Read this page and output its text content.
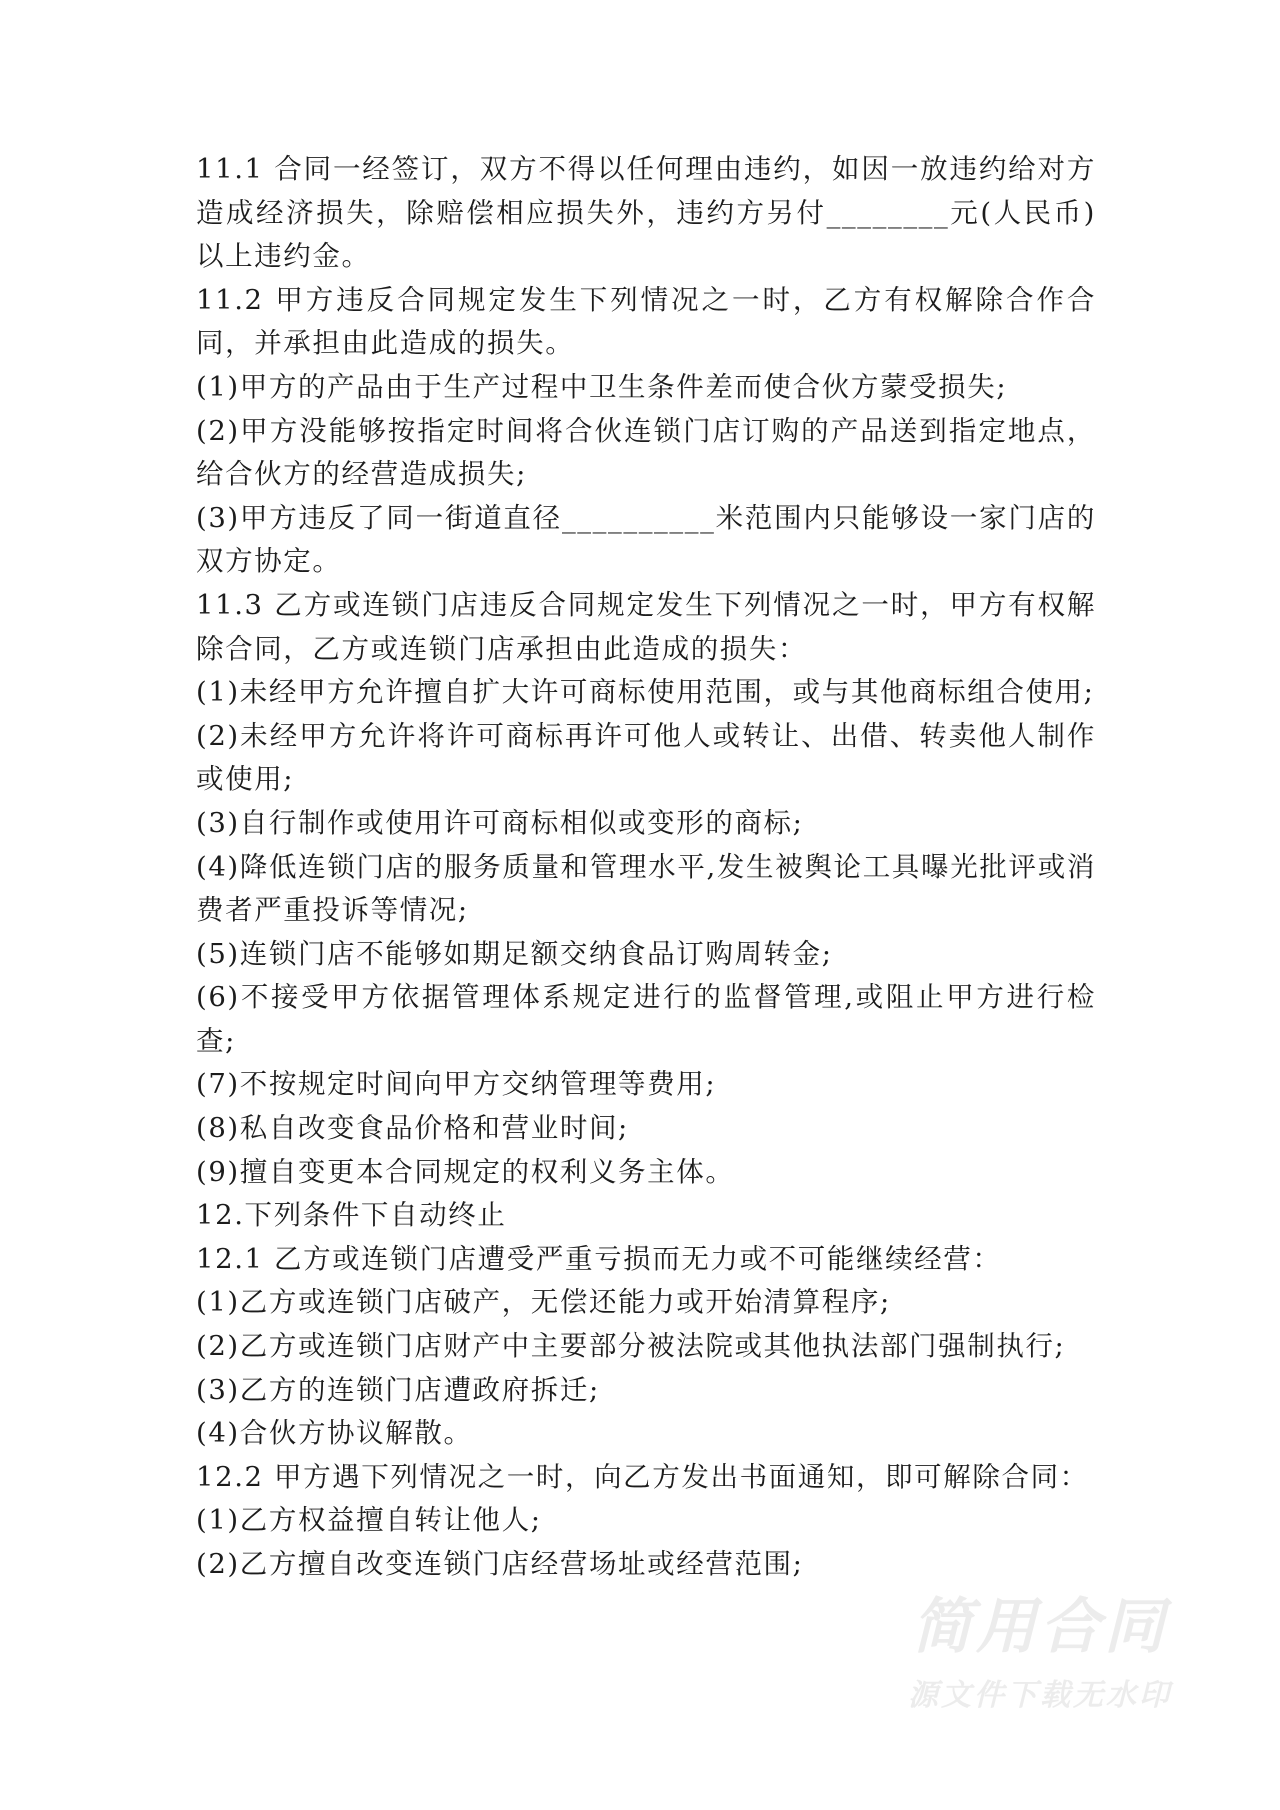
11.1 合同一经签订，双方不得以任何理由违约，如因一放违约给对方造成经济损失，除赔偿相应损失外，违约方另付________元(人民币)以上违约金。

11.2 甲方违反合同规定发生下列情况之一时，乙方有权解除合作合同，并承担由此造成的损失。

(1)甲方的产品由于生产过程中卫生条件差而使合伙方蒙受损失;

(2)甲方没能够按指定时间将合伙连锁门店订购的产品送到指定地点，给合伙方的经营造成损失;

(3)甲方违反了同一街道直径__________米范围内只能够设一家门店的双方协定。

11.3 乙方或连锁门店违反合同规定发生下列情况之一时，甲方有权解除合同，乙方或连锁门店承担由此造成的损失：

(1)未经甲方允许擅自扩大许可商标使用范围，或与其他商标组合使用;

(2)未经甲方允许将许可商标再许可他人或转让、出借、转卖他人制作或使用;

(3)自行制作或使用许可商标相似或变形的商标;

(4)降低连锁门店的服务质量和管理水平,发生被舆论工具曝光批评或消费者严重投诉等情况;

(5)连锁门店不能够如期足额交纳食品订购周转金;

(6)不接受甲方依据管理体系规定进行的监督管理,或阻止甲方进行检查;

(7)不按规定时间向甲方交纳管理等费用;

(8)私自改变食品价格和营业时间;

(9)擅自变更本合同规定的权利义务主体。

12.下列条件下自动终止

12.1 乙方或连锁门店遭受严重亏损而无力或不可能继续经营：

(1)乙方或连锁门店破产，无偿还能力或开始清算程序;

(2)乙方或连锁门店财产中主要部分被法院或其他执法部门强制执行;

(3)乙方的连锁门店遭政府拆迁;

(4)合伙方协议解散。

12.2 甲方遇下列情况之一时，向乙方发出书面通知，即可解除合同：

(1)乙方权益擅自转让他人;

(2)乙方擅自改变连锁门店经营场址或经营范围;

简用合同
源文件下载无水印
